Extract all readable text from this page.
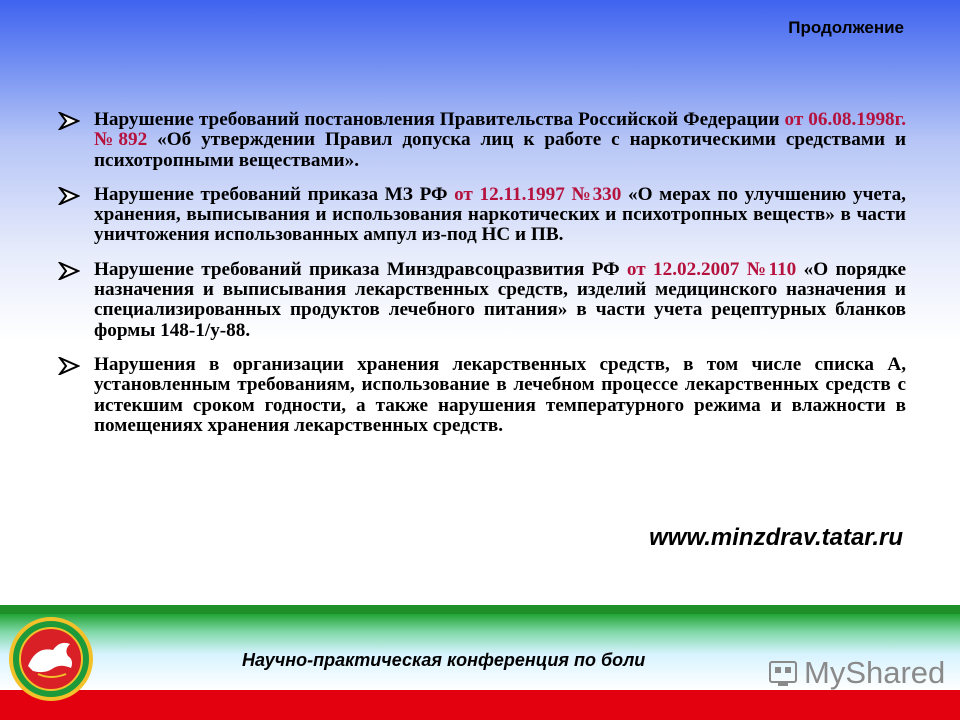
Продолжение
Нарушение требований постановления Правительства Российской Федерации от 06.08.1998г. №892 «Об утверждении Правил допуска лиц к работе с наркотическими средствами и психотропными веществами».
Нарушение требований приказа МЗ РФ от 12.11.1997 №330 «О мерах по улучшению учета, хранения, выписывания и использования наркотических и психотропных веществ» в части уничтожения использованных ампул из-под НС и ПВ.
Нарушение требований приказа Минздравсоцразвития РФ от 12.02.2007 №110 «О порядке назначения и выписывания лекарственных средств, изделий медицинского назначения и специализированных продуктов лечебного питания» в части учета рецептурных бланков формы 148-1/у-88.
Нарушения в организации хранения лекарственных средств, в том числе списка А, установленным требованиям, использование в лечебном процессе лекарственных средств с истекшим сроком годности, а также нарушения температурного режима и влажности в помещениях хранения лекарственных средств.
www.minzdrav.tatar.ru
Научно-практическая конференция по боли	MyShared
